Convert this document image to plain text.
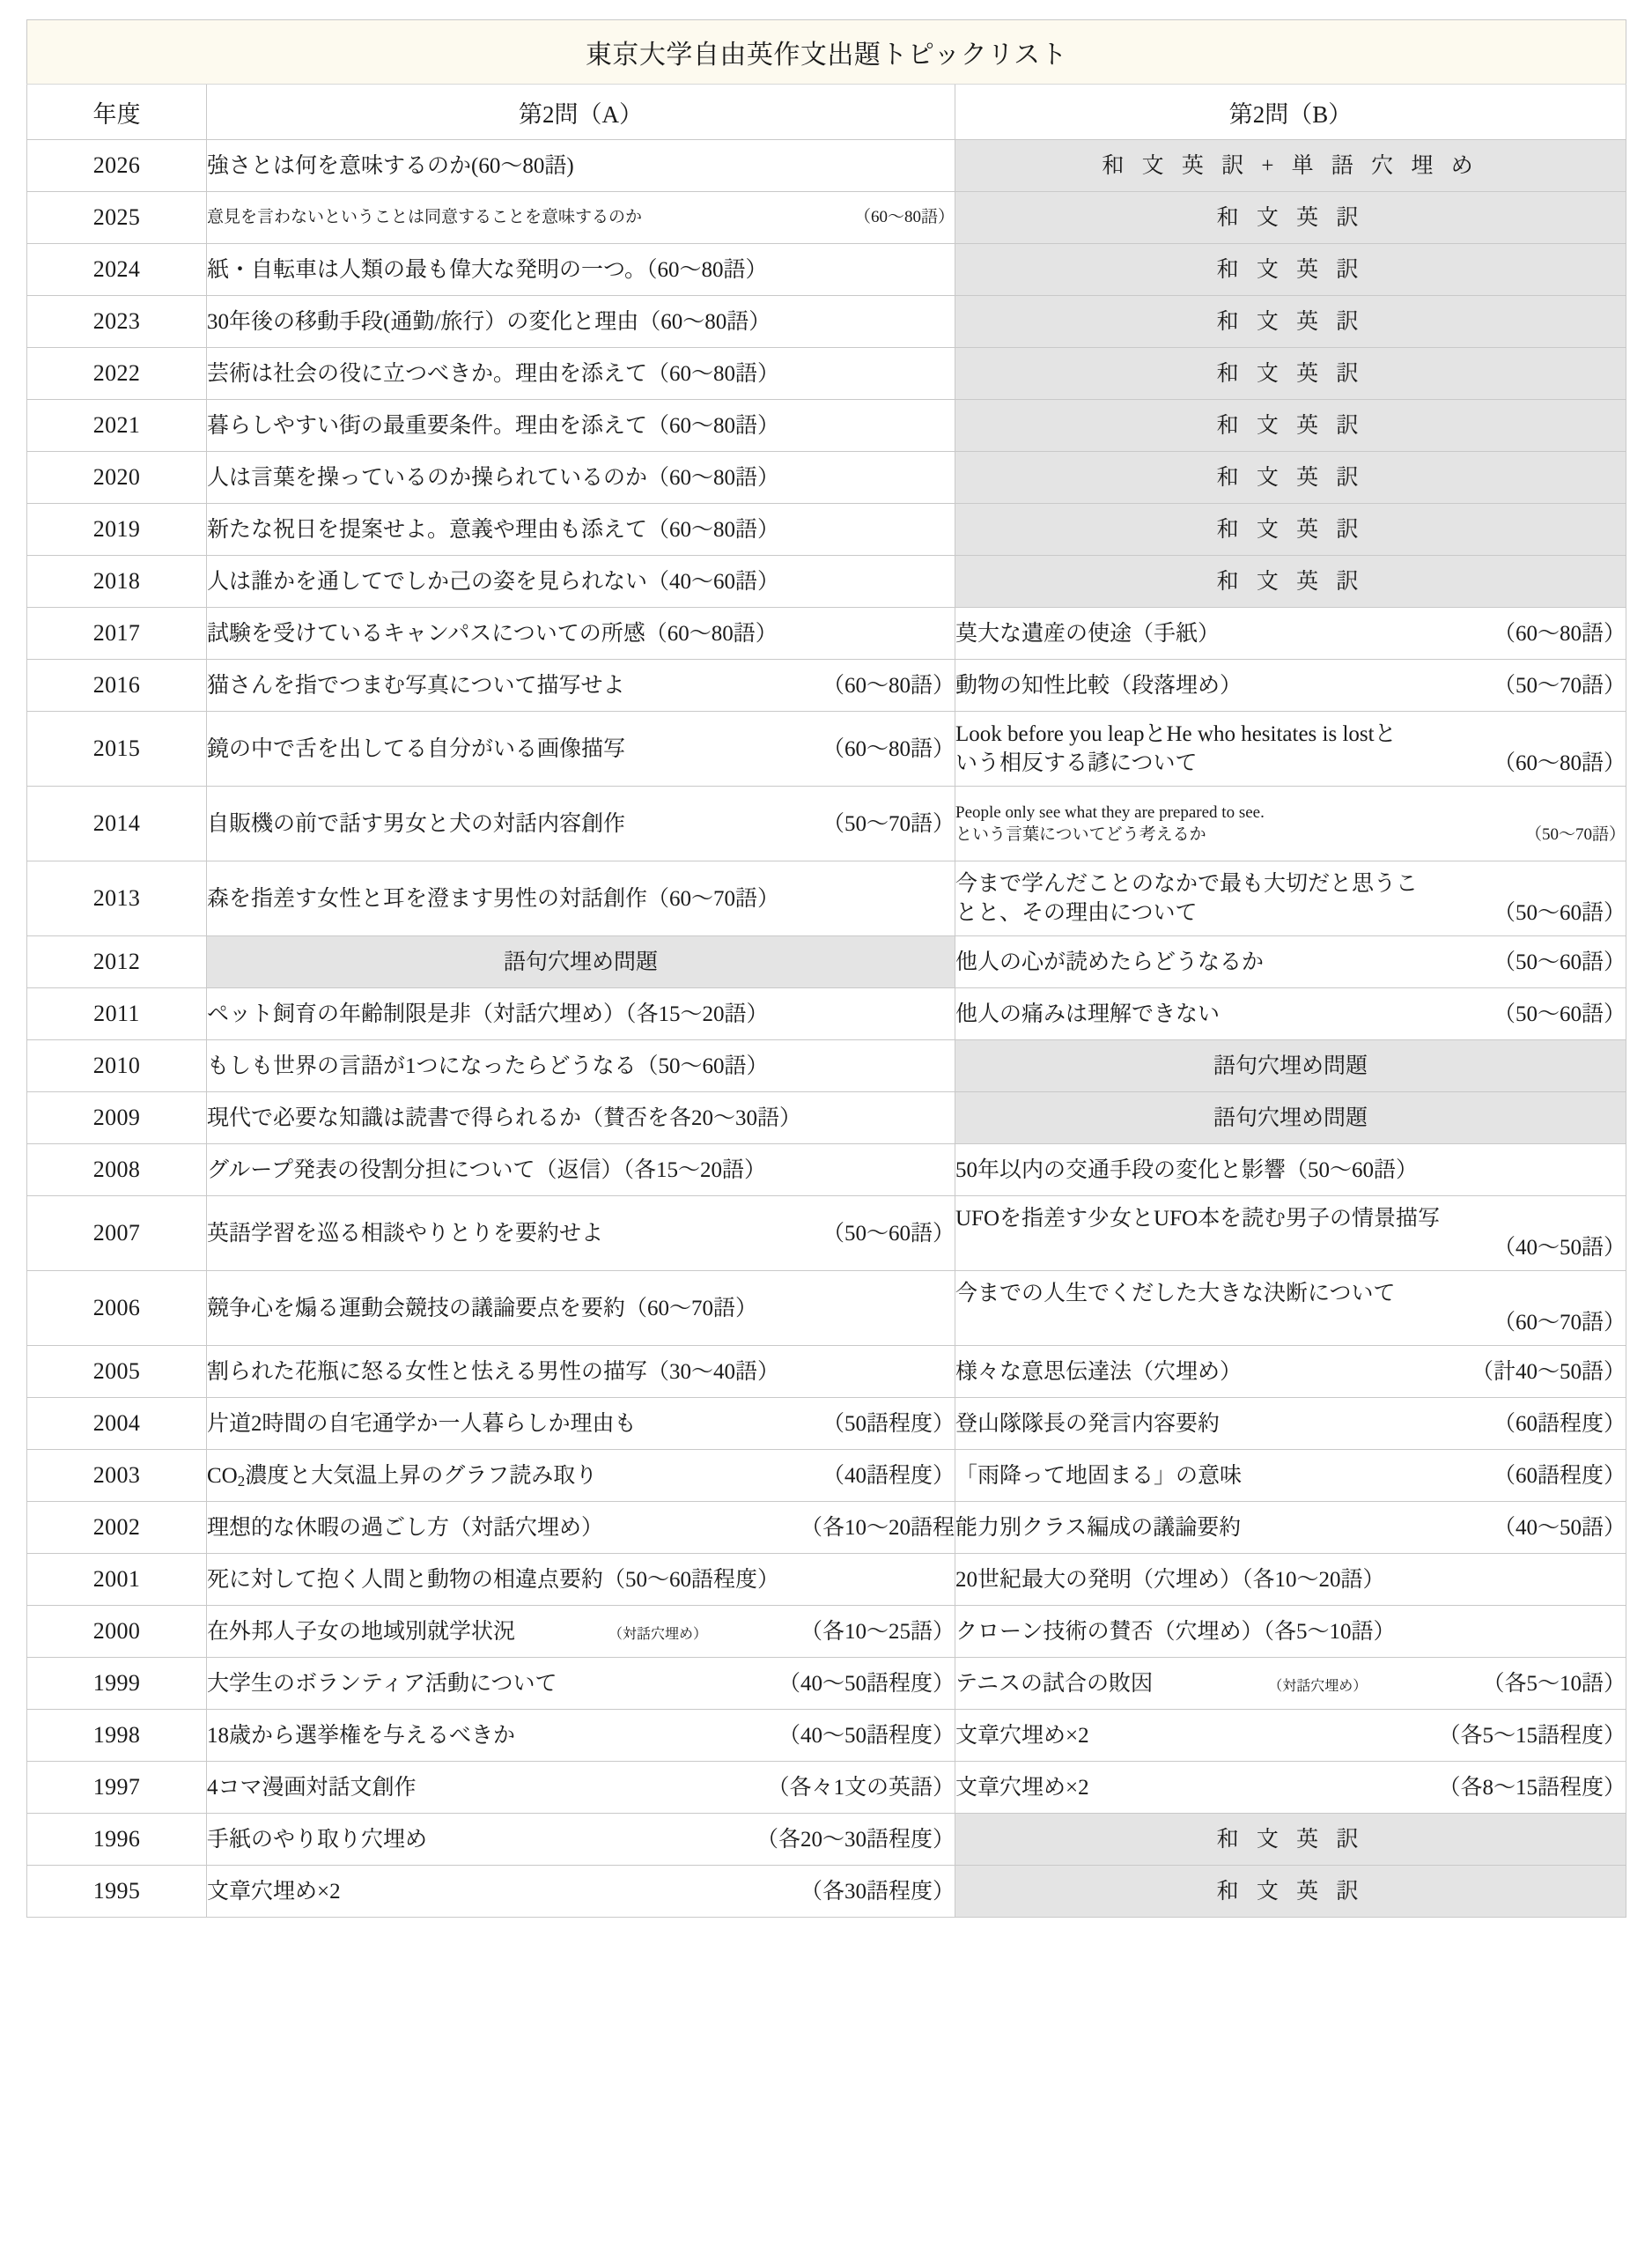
東京大学自由英作文出題トピックリスト		
年度	第2問（A）	第2問（B）
2026	強さとは何を意味するのか(60〜80語)	和 文 英 訳 + 単 語 穴 埋 め

2025	意見を言わないということは同意することを意味するのか （60〜80語）	和 文 英 訳

2024	紙・自転車は人類の最も偉大な発明の一つ。（60〜80語）	和 文 英 訳

2023	30年後の移動手段(通勤/旅行）の変化と理由（60〜80語）	和 文 英 訳

2022	芸術は社会の役に立つべきか。理由を添えて（60〜80語）	和 文 英 訳

2021	暮らしやすい街の最重要条件。理由を添えて（60〜80語）	和 文 英 訳

2020	人は言葉を操っているのか操られているのか（60〜80語）	和 文 英 訳

2019	新たな祝日を提案せよ。意義や理由も添えて（60〜80語）	和 文 英 訳

2018	人は誰かを通してでしか己の姿を見られない（40〜60語）	和 文 英 訳

2017	試験を受けているキャンパスについての所感（60〜80語）	莫大な遺産の使途（手紙） （60〜80語）

2016	猫さんを指でつまむ写真について描写せよ （60〜80語）	動物の知性比較（段落埋め） （50〜70語）

2015	鏡の中で舌を出してる自分がいる画像描写 （60〜80語）	Look before you leapとHe who hesitates is lostと
いう相反する諺について （60〜80語）

2014	自販機の前で話す男女と犬の対話内容創作 （50〜70語）	People only see what they are prepared to see.
という言葉についてどう考えるか （50〜70語）

2013	森を指差す女性と耳を澄ます男性の対話創作（60〜70語）	今まで学んだことのなかで最も大切だと思うこ
とと、その理由について （50〜60語）

2012	語句穴埋め問題	他人の心が読めたらどうなるか （50〜60語）

2011	ペット飼育の年齢制限是非（対話穴埋め）（各15〜20語）	他人の痛みは理解できない （50〜60語）

2010	もしも世界の言語が1つになったらどうなる（50〜60語）	語句穴埋め問題

2009	現代で必要な知識は読書で得られるか（賛否を各20〜30語）	語句穴埋め問題

2008	グループ発表の役割分担について（返信）（各15〜20語）	50年以内の交通手段の変化と影響（50〜60語）

2007	英語学習を巡る相談やりとりを要約せよ （50〜60語）	UFOを指差す少女とUFO本を読む男子の情景描写
（40〜50語）

2006	競争心を煽る運動会競技の議論要点を要約（60〜70語）	今までの人生でくだした大きな決断について
（60〜70語）

2005	割られた花瓶に怒る女性と怯える男性の描写（30〜40語）	様々な意思伝達法（穴埋め） （計40〜50語）

2004	片道2時間の自宅通学か一人暮らしか理由も （50語程度）	登山隊隊長の発言内容要約 （60語程度）

2003	$CO_2$濃度と大気温上昇のグラフ読み取り （40語程度）	「雨降って地固まる」の意味 （60語程度）

2002	理想的な休暇の過ごし方（対話穴埋め） （各10〜20語程	能力別クラス編成の議論要約 （40〜50語）

2001	死に対して抱く人間と動物の相違点要約（50〜60語程度）	20世紀最大の発明（穴埋め）（各10〜20語）

2000	在外邦人子女の地域別就学状況 （対話穴埋め） （各10〜25語）	クローン技術の賛否（穴埋め）（各5〜10語）

1999	大学生のボランティア活動について （40〜50語程度）	テニスの試合の敗因 （対話穴埋め） （各5〜10語）

1998	18歳から選挙権を与えるべきか （40〜50語程度）	文章穴埋め×2 （各5〜15語程度）

1997	4コマ漫画対話文創作 （各々1文の英語）	文章穴埋め×2 （各8〜15語程度）

1996	手紙のやり取り穴埋め （各20〜30語程度）	和 文 英 訳

1995	文章穴埋め×2 （各30語程度）	和 文 英 訳
